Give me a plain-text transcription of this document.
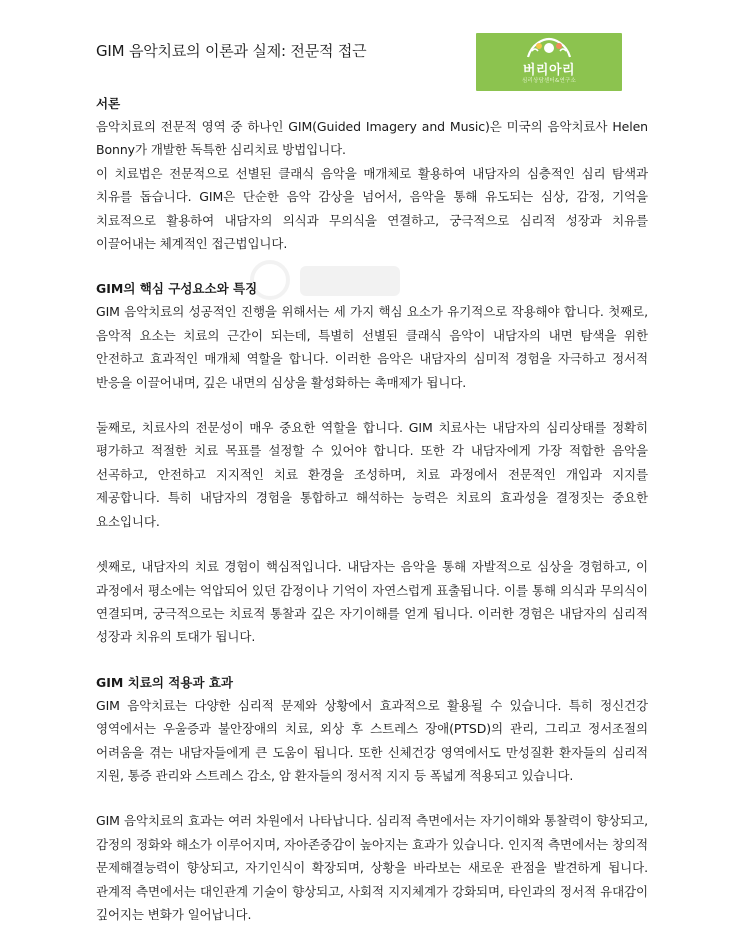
GIM 음악치료의 이론과 실제: 전문적 접근
버리아리
심리상담센터&연구소
서론

음악치료의 전문적 영역 중 하나인 GIM(Guided Imagery and Music)은 미국의 음악치료사 Helen Bonny가 개발한 독특한 심리치료 방법입니다.

이 치료법은 전문적으로 선별된 클래식 음악을 매개체로 활용하여 내담자의 심층적인 심리 탐색과 치유를 돕습니다. GIM은 단순한 음악 감상을 넘어서, 음악을 통해 유도되는 심상, 감정, 기억을 치료적으로 활용하여 내담자의 의식과 무의식을 연결하고, 궁극적으로 심리적 성장과 치유를 이끌어내는 체계적인 접근법입니다.

GIM의 핵심 구성요소와 특징

GIM 음악치료의 성공적인 진행을 위해서는 세 가지 핵심 요소가 유기적으로 작용해야 합니다. 첫째로, 음악적 요소는 치료의 근간이 되는데, 특별히 선별된 클래식 음악이 내담자의 내면 탐색을 위한 안전하고 효과적인 매개체 역할을 합니다. 이러한 음악은 내담자의 심미적 경험을 자극하고 정서적 반응을 이끌어내며, 깊은 내면의 심상을 활성화하는 촉매제가 됩니다.

둘째로, 치료사의 전문성이 매우 중요한 역할을 합니다. GIM 치료사는 내담자의 심리상태를 정확히 평가하고 적절한 치료 목표를 설정할 수 있어야 합니다. 또한 각 내담자에게 가장 적합한 음악을 선곡하고, 안전하고 지지적인 치료 환경을 조성하며, 치료 과정에서 전문적인 개입과 지지를 제공합니다. 특히 내담자의 경험을 통합하고 해석하는 능력은 치료의 효과성을 결정짓는 중요한 요소입니다.

셋째로, 내담자의 치료 경험이 핵심적입니다. 내담자는 음악을 통해 자발적으로 심상을 경험하고, 이 과정에서 평소에는 억압되어 있던 감정이나 기억이 자연스럽게 표출됩니다. 이를 통해 의식과 무의식이 연결되며, 궁극적으로는 치료적 통찰과 깊은 자기이해를 얻게 됩니다. 이러한 경험은 내담자의 심리적 성장과 치유의 토대가 됩니다.

GIM 치료의 적용과 효과

GIM 음악치료는 다양한 심리적 문제와 상황에서 효과적으로 활용될 수 있습니다. 특히 정신건강 영역에서는 우울증과 불안장애의 치료, 외상 후 스트레스 장애(PTSD)의 관리, 그리고 정서조절의 어려움을 겪는 내담자들에게 큰 도움이 됩니다. 또한 신체건강 영역에서도 만성질환 환자들의 심리적 지원, 통증 관리와 스트레스 감소, 암 환자들의 정서적 지지 등 폭넓게 적용되고 있습니다.

GIM 음악치료의 효과는 여러 차원에서 나타납니다. 심리적 측면에서는 자기이해와 통찰력이 향상되고, 감정의 정화와 해소가 이루어지며, 자아존중감이 높아지는 효과가 있습니다. 인지적 측면에서는 창의적 문제해결능력이 향상되고, 자기인식이 확장되며, 상황을 바라보는 새로운 관점을 발견하게 됩니다. 관계적 측면에서는 대인관계 기술이 향상되고, 사회적 지지체계가 강화되며, 타인과의 정서적 유대감이 깊어지는 변화가 일어납니다.
